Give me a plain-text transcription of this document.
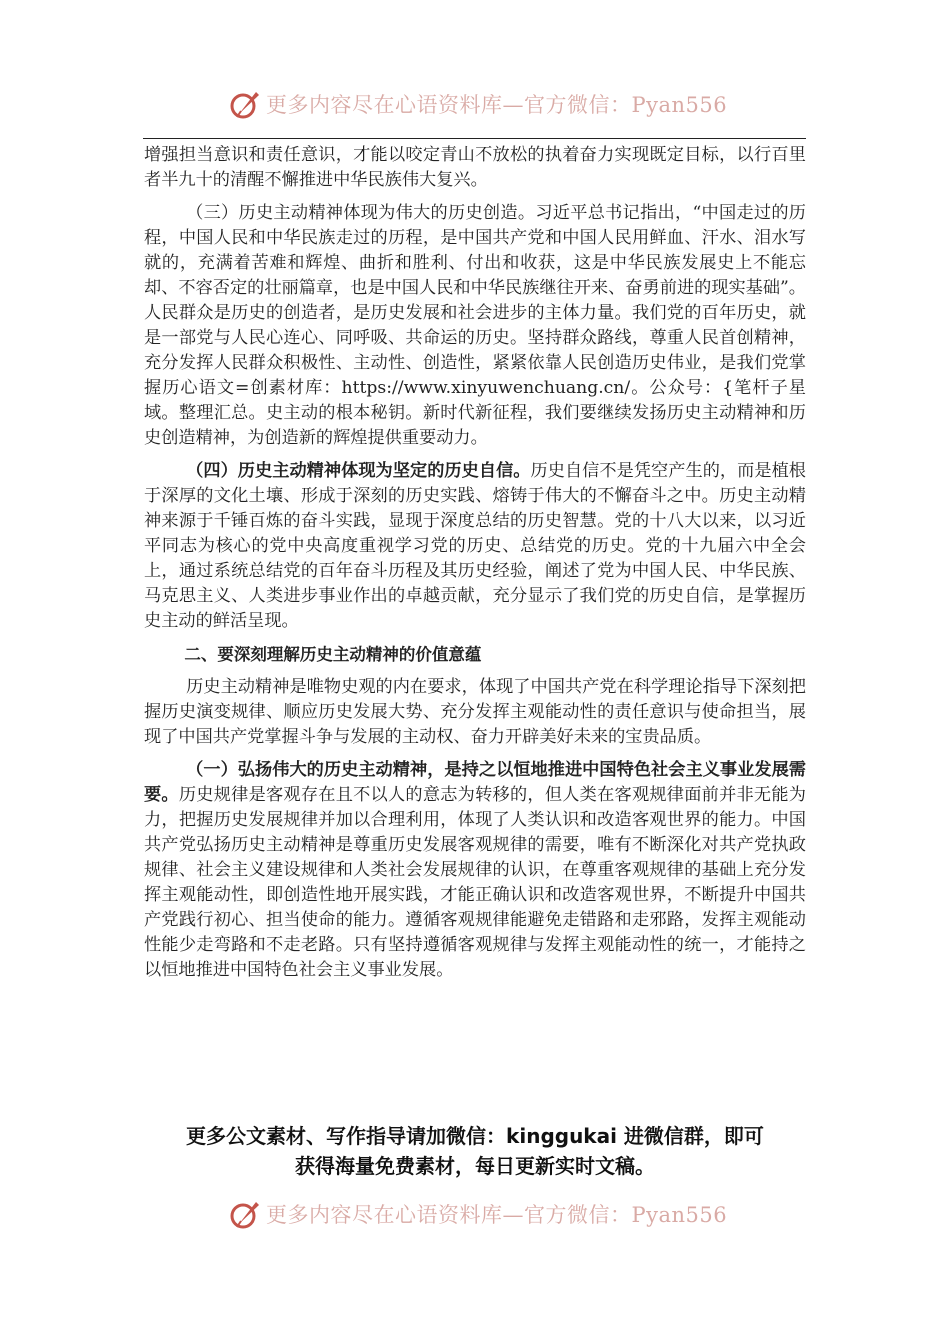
更多内容尽在心语资料库—官方微信：Pyan556

增强担当意识和责任意识，才能以咬定青山不放松的执着奋力实现既定目标，以行百里者半九十的清醒不懈推进中华民族伟大复兴。

（三）历史主动精神体现为伟大的历史创造。习近平总书记指出，“中国走过的历程，中国人民和中华民族走过的历程，是中国共产党和中国人民用鲜血、汗水、泪水写就的，充满着苦难和辉煌、曲折和胜利、付出和收获，这是中华民族发展史上不能忘却、不容否定的壮丽篇章，也是中国人民和中华民族继往开来、奋勇前进的现实基础”。人民群众是历史的创造者，是历史发展和社会进步的主体力量。我们党的百年历史，就是一部党与人民心连心、同呼吸、共命运的历史。坚持群众路线，尊重人民首创精神，充分发挥人民群众积极性、主动性、创造性，紧紧依靠人民创造历史伟业，是我们党掌握历心语文=创素材库：https://www.xinyuwenchuang.cn/。公众号：{笔杆子星域。整理汇总。史主动的根本秘钥。新时代新征程，我们要继续发扬历史主动精神和历史创造精神，为创造新的辉煌提供重要动力。

（四）历史主动精神体现为坚定的历史自信。历史自信不是凭空产生的，而是植根于深厚的文化土壤、形成于深刻的历史实践、熔铸于伟大的不懈奋斗之中。历史主动精神来源于千锤百炼的奋斗实践，显现于深度总结的历史智慧。党的十八大以来，以习近平同志为核心的党中央高度重视学习党的历史、总结党的历史。党的十九届六中全会上，通过系统总结党的百年奋斗历程及其历史经验，阐述了党为中国人民、中华民族、马克思主义、人类进步事业作出的卓越贡献，充分显示了我们党的历史自信，是掌握历史主动的鲜活呈现。

二、要深刻理解历史主动精神的价值意蕴

历史主动精神是唯物史观的内在要求，体现了中国共产党在科学理论指导下深刻把握历史演变规律、顺应历史发展大势、充分发挥主观能动性的责任意识与使命担当，展现了中国共产党掌握斗争与发展的主动权、奋力开辟美好未来的宝贵品质。

（一）弘扬伟大的历史主动精神，是持之以恒地推进中国特色社会主义事业发展需要。历史规律是客观存在且不以人的意志为转移的，但人类在客观规律面前并非无能为力，把握历史发展规律并加以合理利用，体现了人类认识和改造客观世界的能力。中国共产党弘扬历史主动精神是尊重历史发展客观规律的需要，唯有不断深化对共产党执政规律、社会主义建设规律和人类社会发展规律的认识，在尊重客观规律的基础上充分发挥主观能动性，即创造性地开展实践，才能正确认识和改造客观世界，不断提升中国共产党践行初心、担当使命的能力。遵循客观规律能避免走错路和走邪路，发挥主观能动性能少走弯路和不走老路。只有坚持遵循客观规律与发挥主观能动性的统一，才能持之以恒地推进中国特色社会主义事业发展。

更多公文素材、写作指导请加微信：kinggukai 进微信群，即可
获得海量免费素材，每日更新实时文稿。
更多内容尽在心语资料库—官方微信：Pyan556
